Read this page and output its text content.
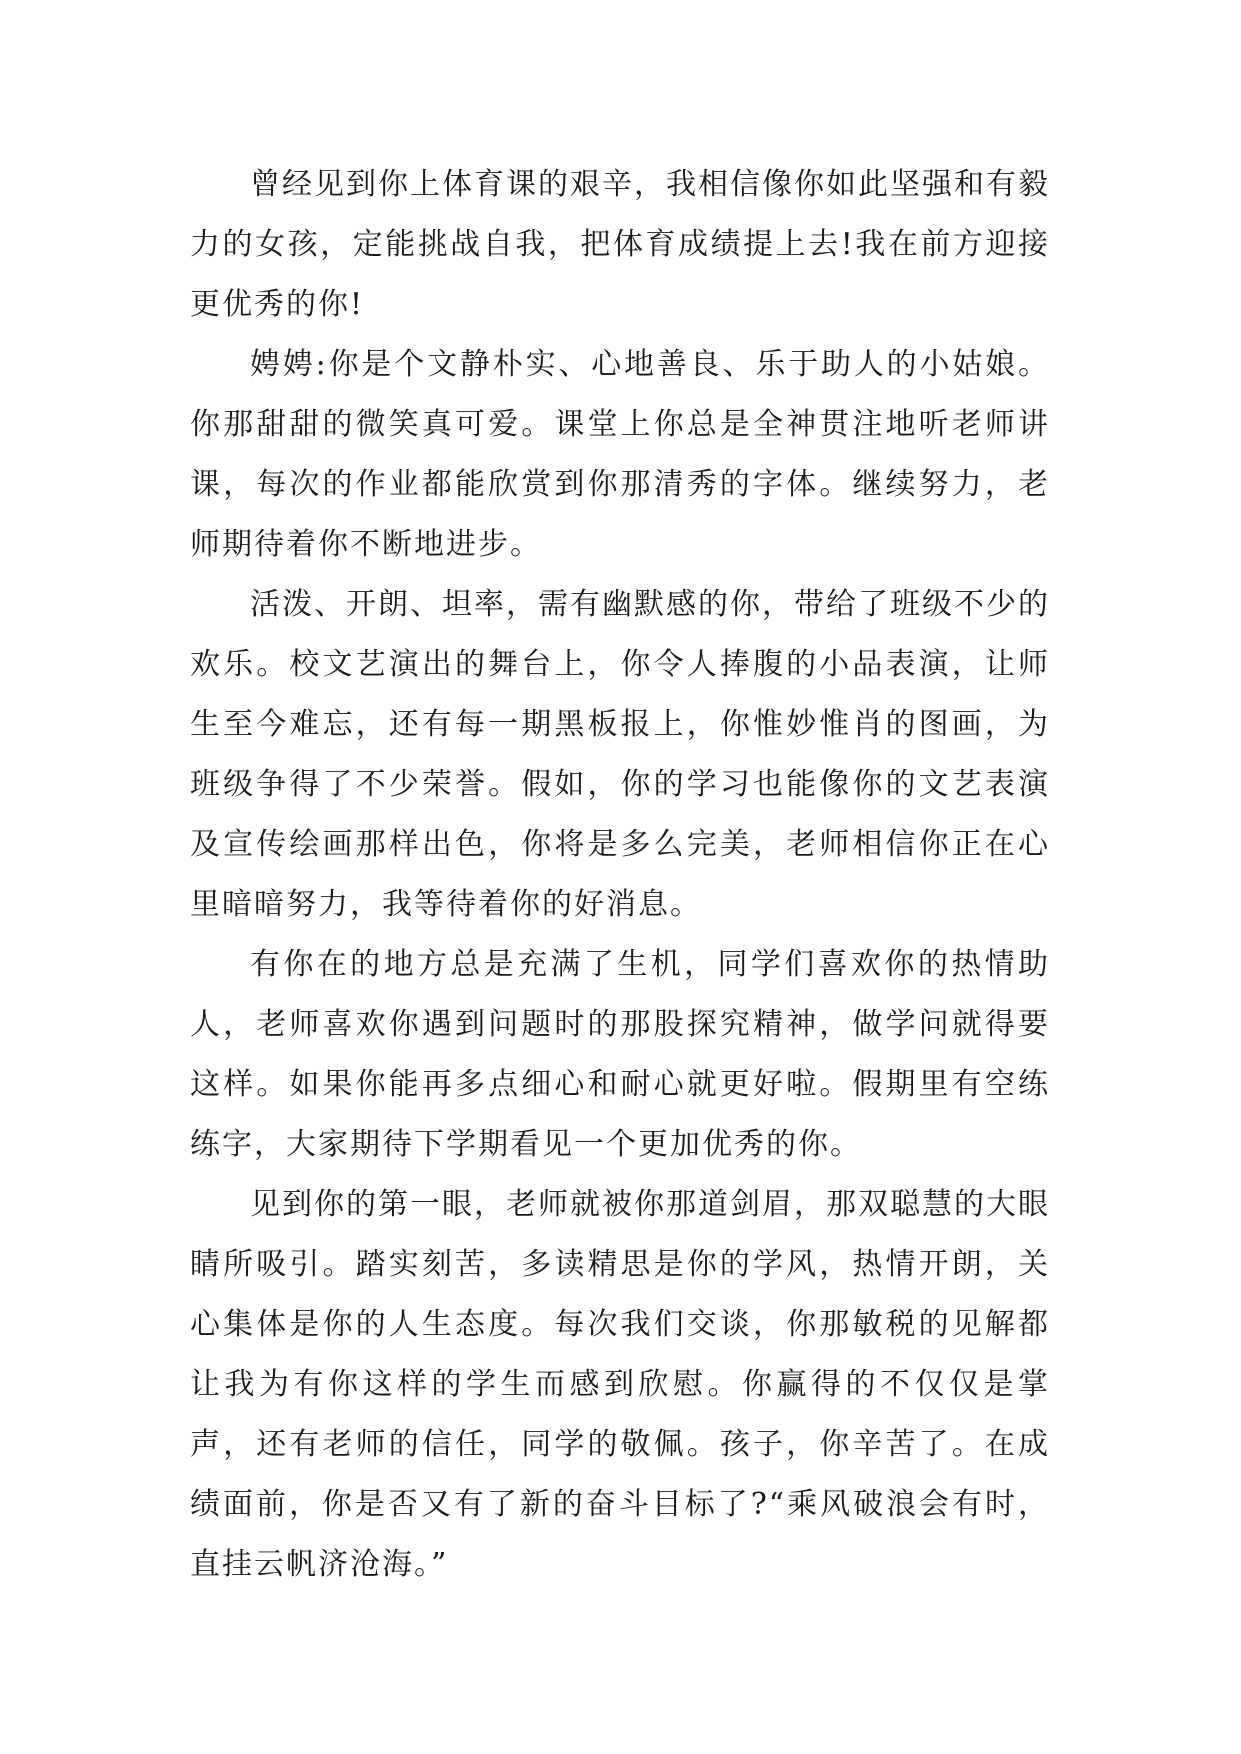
曾经见到你上体育课的艰辛，我相信像你如此坚强和有毅力的女孩，定能挑战自我，把体育成绩提上去!我在前方迎接更优秀的你!

娉娉:你是个文静朴实、心地善良、乐于助人的小姑娘。你那甜甜的微笑真可爱。课堂上你总是全神贯注地听老师讲课，每次的作业都能欣赏到你那清秀的字体。继续努力，老师期待着你不断地进步。

活泼、开朗、坦率，需有幽默感的你，带给了班级不少的欢乐。校文艺演出的舞台上，你令人捧腹的小品表演，让师生至今难忘，还有每一期黑板报上，你惟妙惟肖的图画，为班级争得了不少荣誉。假如，你的学习也能像你的文艺表演及宣传绘画那样出色，你将是多么完美，老师相信你正在心里暗暗努力，我等待着你的好消息。

有你在的地方总是充满了生机，同学们喜欢你的热情助人，老师喜欢你遇到问题时的那股探究精神，做学问就得要这样。如果你能再多点细心和耐心就更好啦。假期里有空练练字，大家期待下学期看见一个更加优秀的你。

见到你的第一眼，老师就被你那道剑眉，那双聪慧的大眼睛所吸引。踏实刻苦，多读精思是你的学风，热情开朗，关心集体是你的人生态度。每次我们交谈，你那敏税的见解都让我为有你这样的学生而感到欣慰。你赢得的不仅仅是掌声，还有老师的信任，同学的敬佩。孩子，你辛苦了。在成绩面前，你是否又有了新的奋斗目标了?“乘风破浪会有时，直挂云帆济沧海。”
